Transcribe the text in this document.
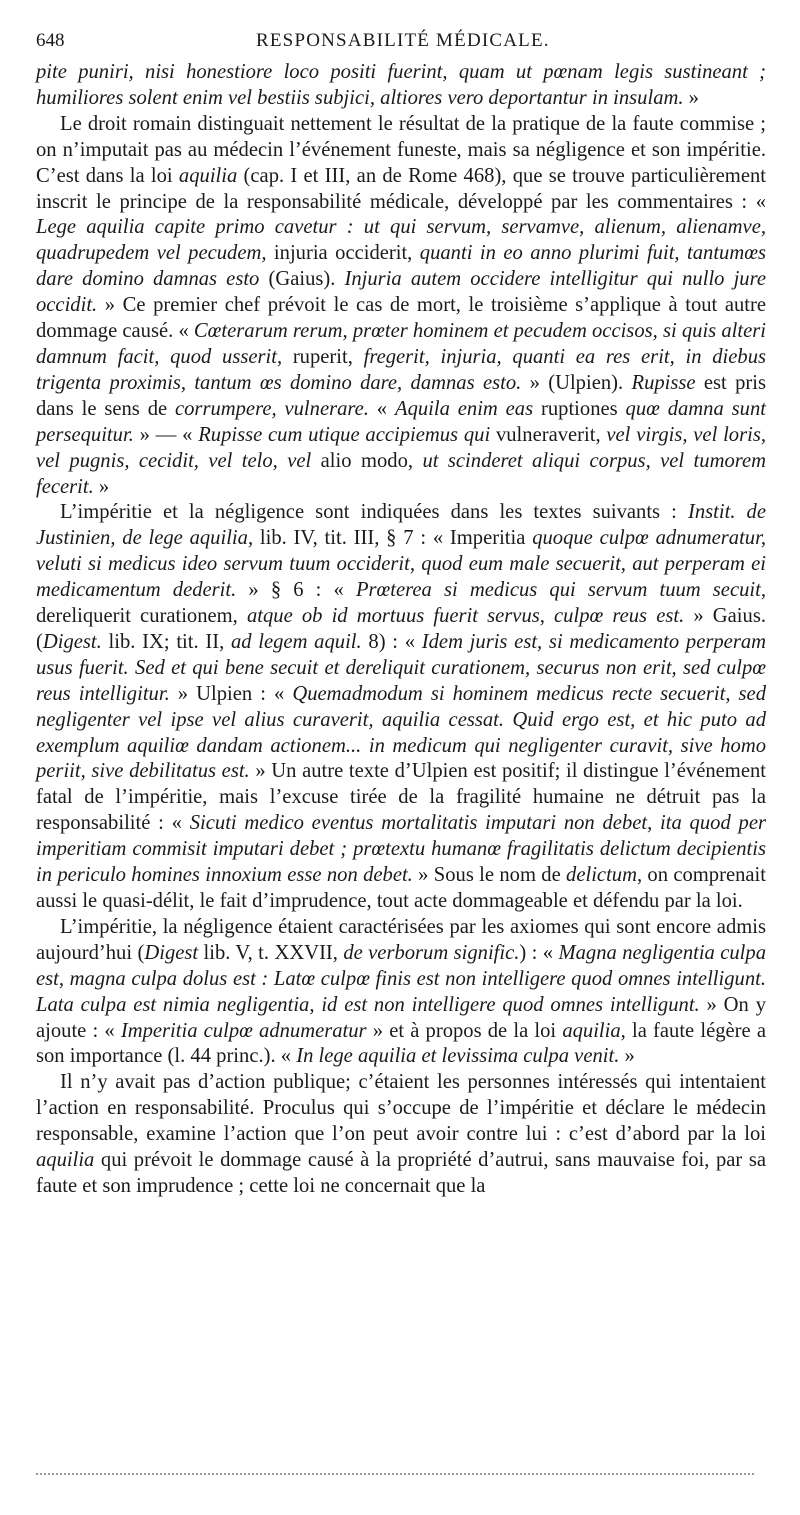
648	RESPONSABILITÉ MÉDICALE.

pite puniri, nisi honestiore loco positi fuerint, quam ut pœnam legis sustineant ; humiliores solent enim vel bestiis subjici, altiores vero deportantur in insulam. »

Le droit romain distinguait nettement le résultat de la pratique de la faute commise ; on n’imputait pas au médecin l’événement funeste, mais sa négligence et son impéritie. C’est dans la loi aquilia (cap. I et III, an de Rome 468), que se trouve particulièrement inscrit le principe de la responsabilité médicale, développé par les commentaires : « Lege aquilia capite primo cavetur : ut qui servum, servamve, alienum, alienamve, quadrupedem vel pecudem, injuria occiderit, quanti in eo anno plurimi fuit, tantumœs dare domino damnas esto (Gaius). Injuria autem occidere intelligitur qui nullo jure occidit. » Ce premier chef prévoit le cas de mort, le troisième s’applique à tout autre dommage causé. « Cœterarum rerum, prœter hominem et pecudem occisos, si quis alteri damnum facit, quod usserit, ruperit, fregerit, injuria, quanti ea res erit, in diebus trigenta proximis, tantum œs domino dare, damnas esto. » (Ulpien). Rupisse est pris dans le sens de corrumpere, vulnerare. « Aquila enim eas ruptiones quœ damna sunt persequitur. » — « Rupisse cum utique accipiemus qui vulneraverit, vel virgis, vel loris, vel pugnis, cecidit, vel telo, vel alio modo, ut scinderet aliqui corpus, vel tumorem fecerit. »

L’impéritie et la négligence sont indiquées dans les textes suivants : Instit. de Justinien, de lege aquilia, lib. IV, tit. III, § 7 : « Imperitia quoque culpœ adnumeratur, veluti si medicus ideo servum tuum occiderit, quod eum male secuerit, aut perperam ei medicamentum dederit. » § 6 : « Prœterea si medicus qui servum tuum secuit, dereliquerit curationem, atque ob id mortuus fuerit servus, culpœ reus est. » Gaius. (Digest. lib. IX; tit. II, ad legem aquil. 8) : « Idem juris est, si medicamento perperam usus fuerit. Sed et qui bene secuit et dereliquit curationem, securus non erit, sed culpœ reus intelligitur. » Ulpien : « Quemadmodum si hominem medicus recte secuerit, sed negligenter vel ipse vel alius curaverit, aquilia cessat. Quid ergo est, et hic puto ad exemplum aquiliœ dandam actionem... in medicum qui negligenter curavit, sive homo periit, sive debilitatus est. » Un autre texte d’Ulpien est positif; il distingue l’événement fatal de l’impéritie, mais l’excuse tirée de la fragilité humaine ne détruit pas la responsabilité : « Sicuti medico eventus mortalitatis imputari non debet, ita quod per imperitiam commisit imputari debet ; prœtextu humanœ fragilitatis delictum decipientis in periculo homines innoxium esse non debet. » Sous le nom de delictum, on comprenait aussi le quasi-délit, le fait d’imprudence, tout acte dommageable et défendu par la loi.

L’impéritie, la négligence étaient caractérisées par les axiomes qui sont encore admis aujourd’hui (Digest lib. V, t. XXVII, de verborum signific.) : « Magna negligentia culpa est, magna culpa dolus est : Latœ culpœ finis est non intelligere quod omnes intelligunt. Lata culpa est nimia negligentia, id est non intelligere quod omnes intelligunt. » On y ajoute : « Imperitia culpœ adnumeratur » et à propos de la loi aquilia, la faute légère a son importance (l. 44 princ.). « In lege aquilia et levissima culpa venit. »

Il n’y avait pas d’action publique; c’étaient les personnes intéressés qui intentaient l’action en responsabilité. Proculus qui s’occupe de l’impéritie et déclare le médecin responsable, examine l’action que l’on peut avoir contre lui : c’est d’abord par la loi aquilia qui prévoit le dommage causé à la propriété d’autrui, sans mauvaise foi, par sa faute et son imprudence ; cette loi ne concernait que la
